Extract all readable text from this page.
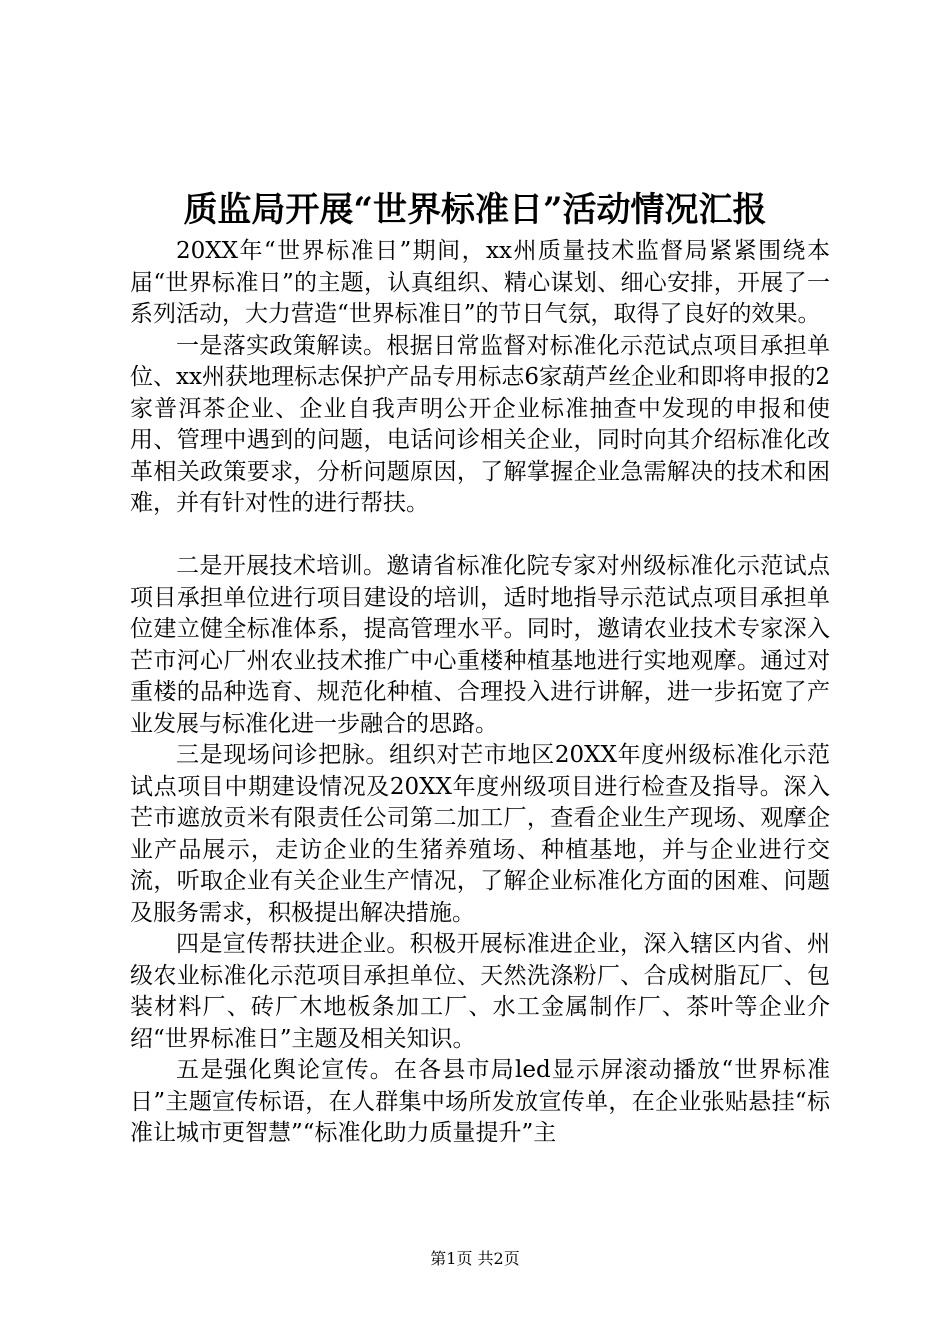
质监局开展“世界标准日”活动情况汇报

20XX年“世界标准日”期间，xx州质量技术监督局紧紧围绕本届“世界标准日”的主题，认真组织、精心谋划、细心安排，开展了一系列活动，大力营造“世界标准日”的节日气氛，取得了良好的效果。

一是落实政策解读。根据日常监督对标准化示范试点项目承担单位、xx州获地理标志保护产品专用标志6家葫芦丝企业和即将申报的2家普洱茶企业、企业自我声明公开企业标准抽查中发现的申报和使用、管理中遇到的问题，电话问诊相关企业，同时向其介绍标准化改革相关政策要求，分析问题原因，了解掌握企业急需解决的技术和困难，并有针对性的进行帮扶。

二是开展技术培训。邀请省标准化院专家对州级标准化示范试点项目承担单位进行项目建设的培训，适时地指导示范试点项目承担单位建立健全标准体系，提高管理水平。同时，邀请农业技术专家深入芒市河心厂州农业技术推广中心重楼种植基地进行实地观摩。通过对重楼的品种选育、规范化种植、合理投入进行讲解，进一步拓宽了产业发展与标准化进一步融合的思路。

三是现场问诊把脉。组织对芒市地区20XX年度州级标准化示范试点项目中期建设情况及20XX年度州级项目进行检查及指导。深入芒市遮放贡米有限责任公司第二加工厂，查看企业生产现场、观摩企业产品展示，走访企业的生猪养殖场、种植基地，并与企业进行交流，听取企业有关企业生产情况，了解企业标准化方面的困难、问题及服务需求，积极提出解决措施。

四是宣传帮扶进企业。积极开展标准进企业，深入辖区内省、州级农业标准化示范项目承担单位、天然洗涤粉厂、合成树脂瓦厂、包装材料厂、砖厂木地板条加工厂、水工金属制作厂、茶叶等企业介绍“世界标准日”主题及相关知识。

五是强化舆论宣传。在各县市局led显示屏滚动播放“世界标准日”主题宣传标语，在人群集中场所发放宣传单，在企业张贴悬挂“标准让城市更智慧”“标准化助力质量提升”主

第1页 共2页
